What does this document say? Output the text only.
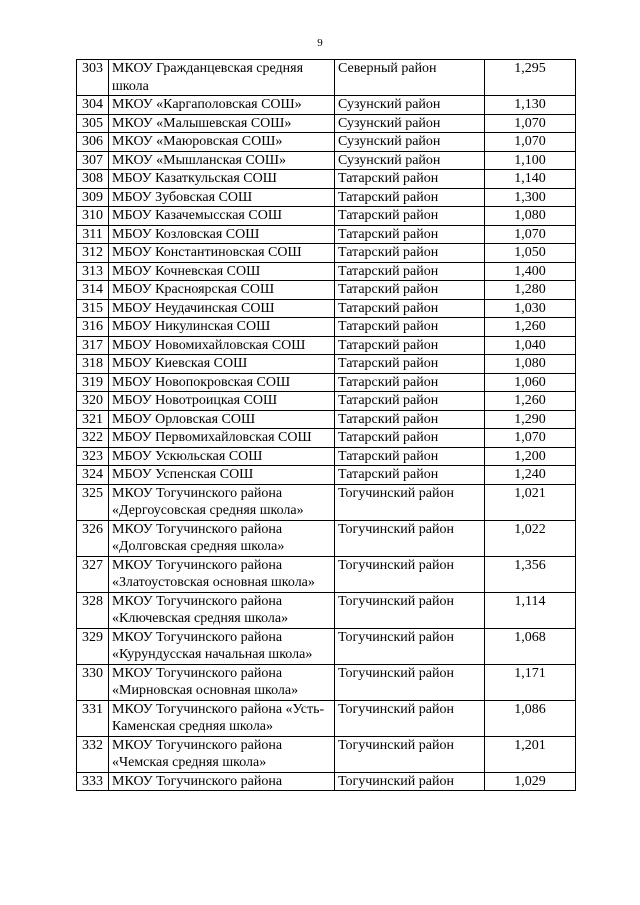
9
303	МКОУ Гражданцевская средняя школа	Северный район	1,295
304	МКОУ «Каргаполовская СОШ»	Сузунский район	1,130
305	МКОУ «Малышевская СОШ»	Сузунский район	1,070
306	МКОУ «Маюровская СОШ»	Сузунский район	1,070
307	МКОУ «Мышланская СОШ»	Сузунский район	1,100
308	МБОУ Казаткульская СОШ	Татарский район	1,140
309	МБОУ Зубовская СОШ	Татарский район	1,300
310	МБОУ Казачемысская СОШ	Татарский район	1,080
311	МБОУ Козловская СОШ	Татарский район	1,070
312	МБОУ Константиновская СОШ	Татарский район	1,050
313	МБОУ Кочневская СОШ	Татарский район	1,400
314	МБОУ Красноярская СОШ	Татарский район	1,280
315	МБОУ Неудачинская СОШ	Татарский район	1,030
316	МБОУ Никулинская СОШ	Татарский район	1,260
317	МБОУ Новомихайловская СОШ	Татарский район	1,040
318	МБОУ Киевская СОШ	Татарский район	1,080
319	МБОУ Новопокровская СОШ	Татарский район	1,060
320	МБОУ Новотроицкая СОШ	Татарский район	1,260
321	МБОУ Орловская СОШ	Татарский район	1,290
322	МБОУ Первомихайловская СОШ	Татарский район	1,070
323	МБОУ Ускюльская СОШ	Татарский район	1,200
324	МБОУ Успенская СОШ	Татарский район	1,240
325	МКОУ Тогучинского района «Дергоусовская средняя школа»	Тогучинский район	1,021
326	МКОУ Тогучинского района «Долговская средняя школа»	Тогучинский район	1,022
327	МКОУ Тогучинского района «Златоустовская основная школа»	Тогучинский район	1,356
328	МКОУ Тогучинского района «Ключевская средняя школа»	Тогучинский район	1,114
329	МКОУ Тогучинского района «Курундусская начальная школа»	Тогучинский район	1,068
330	МКОУ Тогучинского района «Мирновская основная школа»	Тогучинский район	1,171
331	МКОУ Тогучинского района «Усть-Каменская средняя школа»	Тогучинский район	1,086
332	МКОУ Тогучинского района «Чемская средняя школа»	Тогучинский район	1,201
333	МКОУ Тогучинского района	Тогучинский район	1,029
